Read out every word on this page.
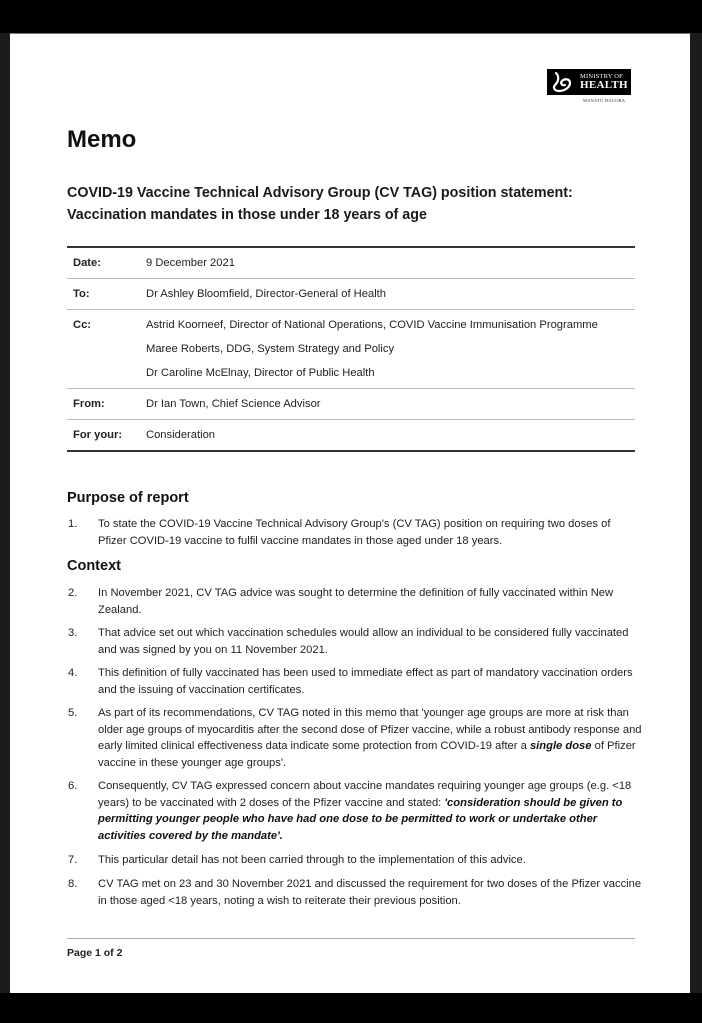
MINISTRY OF
HEALTH
MANATŪ HAUORA
Memo
COVID-19 Vaccine Technical Advisory Group (CV TAG) position statement: Vaccination mandates in those under 18 years of age
Date:	9 December 2021
To:	Dr Ashley Bloomfield, Director-General of Health
Cc:	Astrid Koorneef, Director of National Operations, COVID Vaccine Immunisation Programme
Maree Roberts, DDG, System Strategy and Policy
Dr Caroline McElnay, Director of Public Health
From:	Dr Ian Town, Chief Science Advisor
For your:	Consideration
Purpose of report
1.	To state the COVID-19 Vaccine Technical Advisory Group's (CV TAG) position on requiring two doses of Pfizer COVID-19 vaccine to fulfil vaccine mandates in those aged under 18 years.
Context
2.	In November 2021, CV TAG advice was sought to determine the definition of fully vaccinated within New Zealand.
3.	That advice set out which vaccination schedules would allow an individual to be considered fully vaccinated and was signed by you on 11 November 2021.
4.	This definition of fully vaccinated has been used to immediate effect as part of mandatory vaccination orders and the issuing of vaccination certificates.
5.	As part of its recommendations, CV TAG noted in this memo that 'younger age groups are more at risk than older age groups of myocarditis after the second dose of Pfizer vaccine, while a robust antibody response and early limited clinical effectiveness data indicate some protection from COVID-19 after a single dose of Pfizer vaccine in these younger age groups'.
6.	Consequently, CV TAG expressed concern about vaccine mandates requiring younger age groups (e.g. <18 years) to be vaccinated with 2 doses of the Pfizer vaccine and stated: 'consideration should be given to permitting younger people who have had one dose to be permitted to work or undertake other activities covered by the mandate'.
7.	This particular detail has not been carried through to the implementation of this advice.
8.	CV TAG met on 23 and 30 November 2021 and discussed the requirement for two doses of the Pfizer vaccine in those aged <18 years, noting a wish to reiterate their previous position.
Page 1 of 2
